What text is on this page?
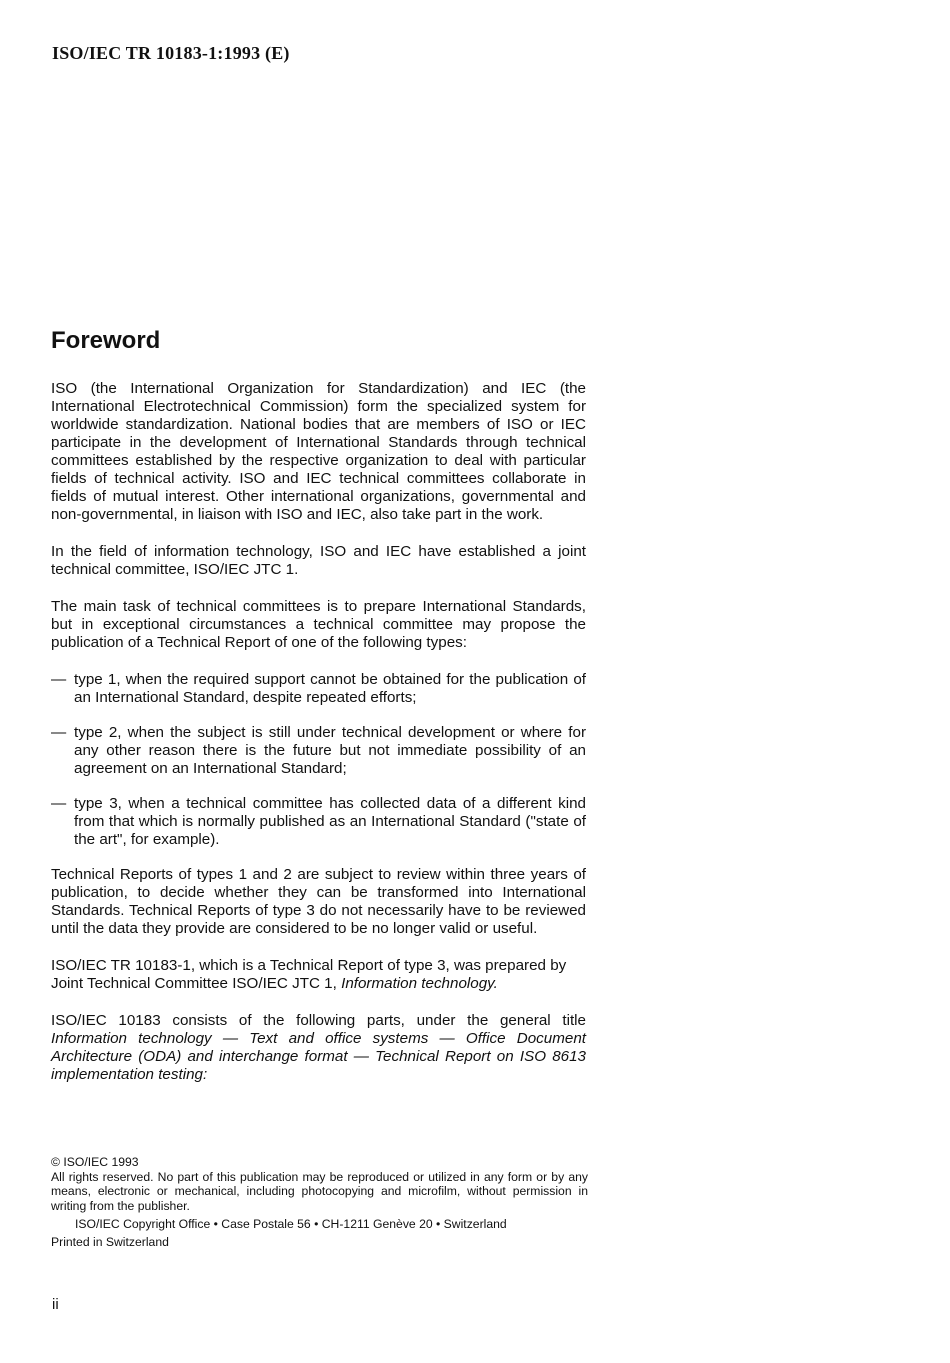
ISO/IEC TR 10183-1:1993 (E)
Foreword

ISO (the International Organization for Standardization) and IEC (the International Electrotechnical Commission) form the specialized system for worldwide standardization. National bodies that are members of ISO or IEC participate in the development of International Standards through technical committees established by the respective organization to deal with particular fields of technical activity. ISO and IEC technical committees collaborate in fields of mutual interest. Other international organizations, governmental and non-governmental, in liaison with ISO and IEC, also take part in the work.

In the field of information technology, ISO and IEC have established a joint technical committee, ISO/IEC JTC 1.

The main task of technical committees is to prepare International Standards, but in exceptional circumstances a technical committee may propose the publication of a Technical Report of one of the following types:

— type 1, when the required support cannot be obtained for the publication of an International Standard, despite repeated efforts;
— type 2, when the subject is still under technical development or where for any other reason there is the future but not immediate possibility of an agreement on an International Standard;
— type 3, when a technical committee has collected data of a different kind from that which is normally published as an International Standard ("state of the art", for example).

Technical Reports of types 1 and 2 are subject to review within three years of publication, to decide whether they can be transformed into International Standards. Technical Reports of type 3 do not necessarily have to be reviewed until the data they provide are considered to be no longer valid or useful.

ISO/IEC TR 10183-1, which is a Technical Report of type 3, was prepared by Joint Technical Committee ISO/IEC JTC 1, Information technology.

ISO/IEC 10183 consists of the following parts, under the general title Information technology — Text and office systems — Office Document Architecture (ODA) and interchange format — Technical Report on ISO 8613 implementation testing:

© ISO/IEC 1993
All rights reserved. No part of this publication may be reproduced or utilized in any form or by any means, electronic or mechanical, including photocopying and microfilm, without permission in writing from the publisher.
ISO/IEC Copyright Office • Case Postale 56 • CH-1211 Genève 20 • Switzerland
Printed in Switzerland
ii
